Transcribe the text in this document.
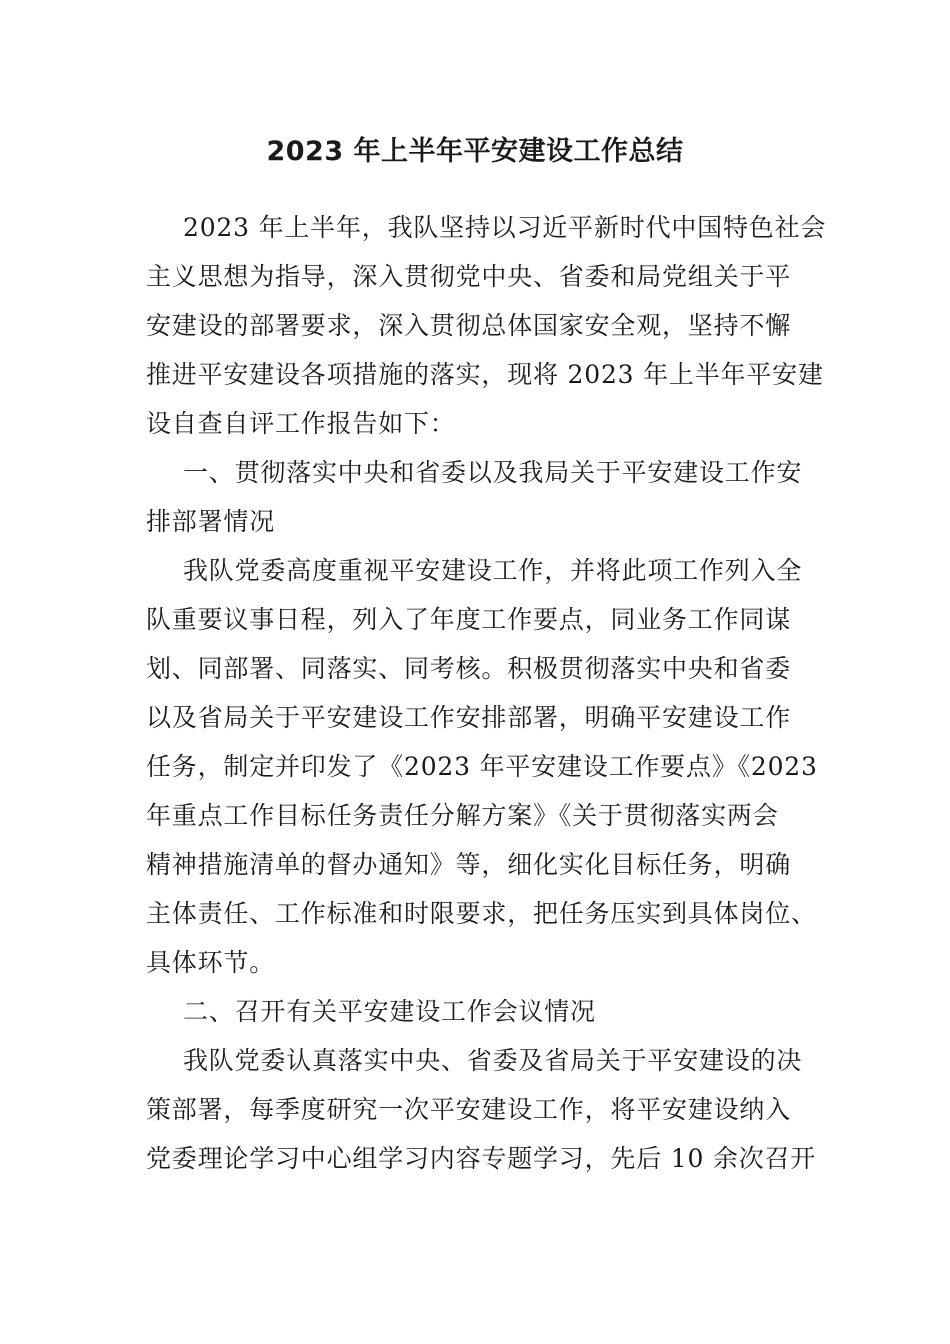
2023 年上半年平安建设工作总结
2023 年上半年，我队坚持以习近平新时代中国特色社会
主义思想为指导，深入贯彻党中央、省委和局党组关于平
安建设的部署要求，深入贯彻总体国家安全观，坚持不懈
推进平安建设各项措施的落实，现将 2023 年上半年平安建
设自查自评工作报告如下：
一、贯彻落实中央和省委以及我局关于平安建设工作安
排部署情况
我队党委高度重视平安建设工作，并将此项工作列入全
队重要议事日程，列入了年度工作要点，同业务工作同谋
划、同部署、同落实、同考核。积极贯彻落实中央和省委
以及省局关于平安建设工作安排部署，明确平安建设工作
任务，制定并印发了《2023 年平安建设工作要点》《2023
年重点工作目标任务责任分解方案》《关于贯彻落实两会
精神措施清单的督办通知》等，细化实化目标任务，明确
主体责任、工作标准和时限要求，把任务压实到具体岗位、
具体环节。
二、召开有关平安建设工作会议情况
我队党委认真落实中央、省委及省局关于平安建设的决
策部署，每季度研究一次平安建设工作，将平安建设纳入
党委理论学习中心组学习内容专题学习，先后 10 余次召开
